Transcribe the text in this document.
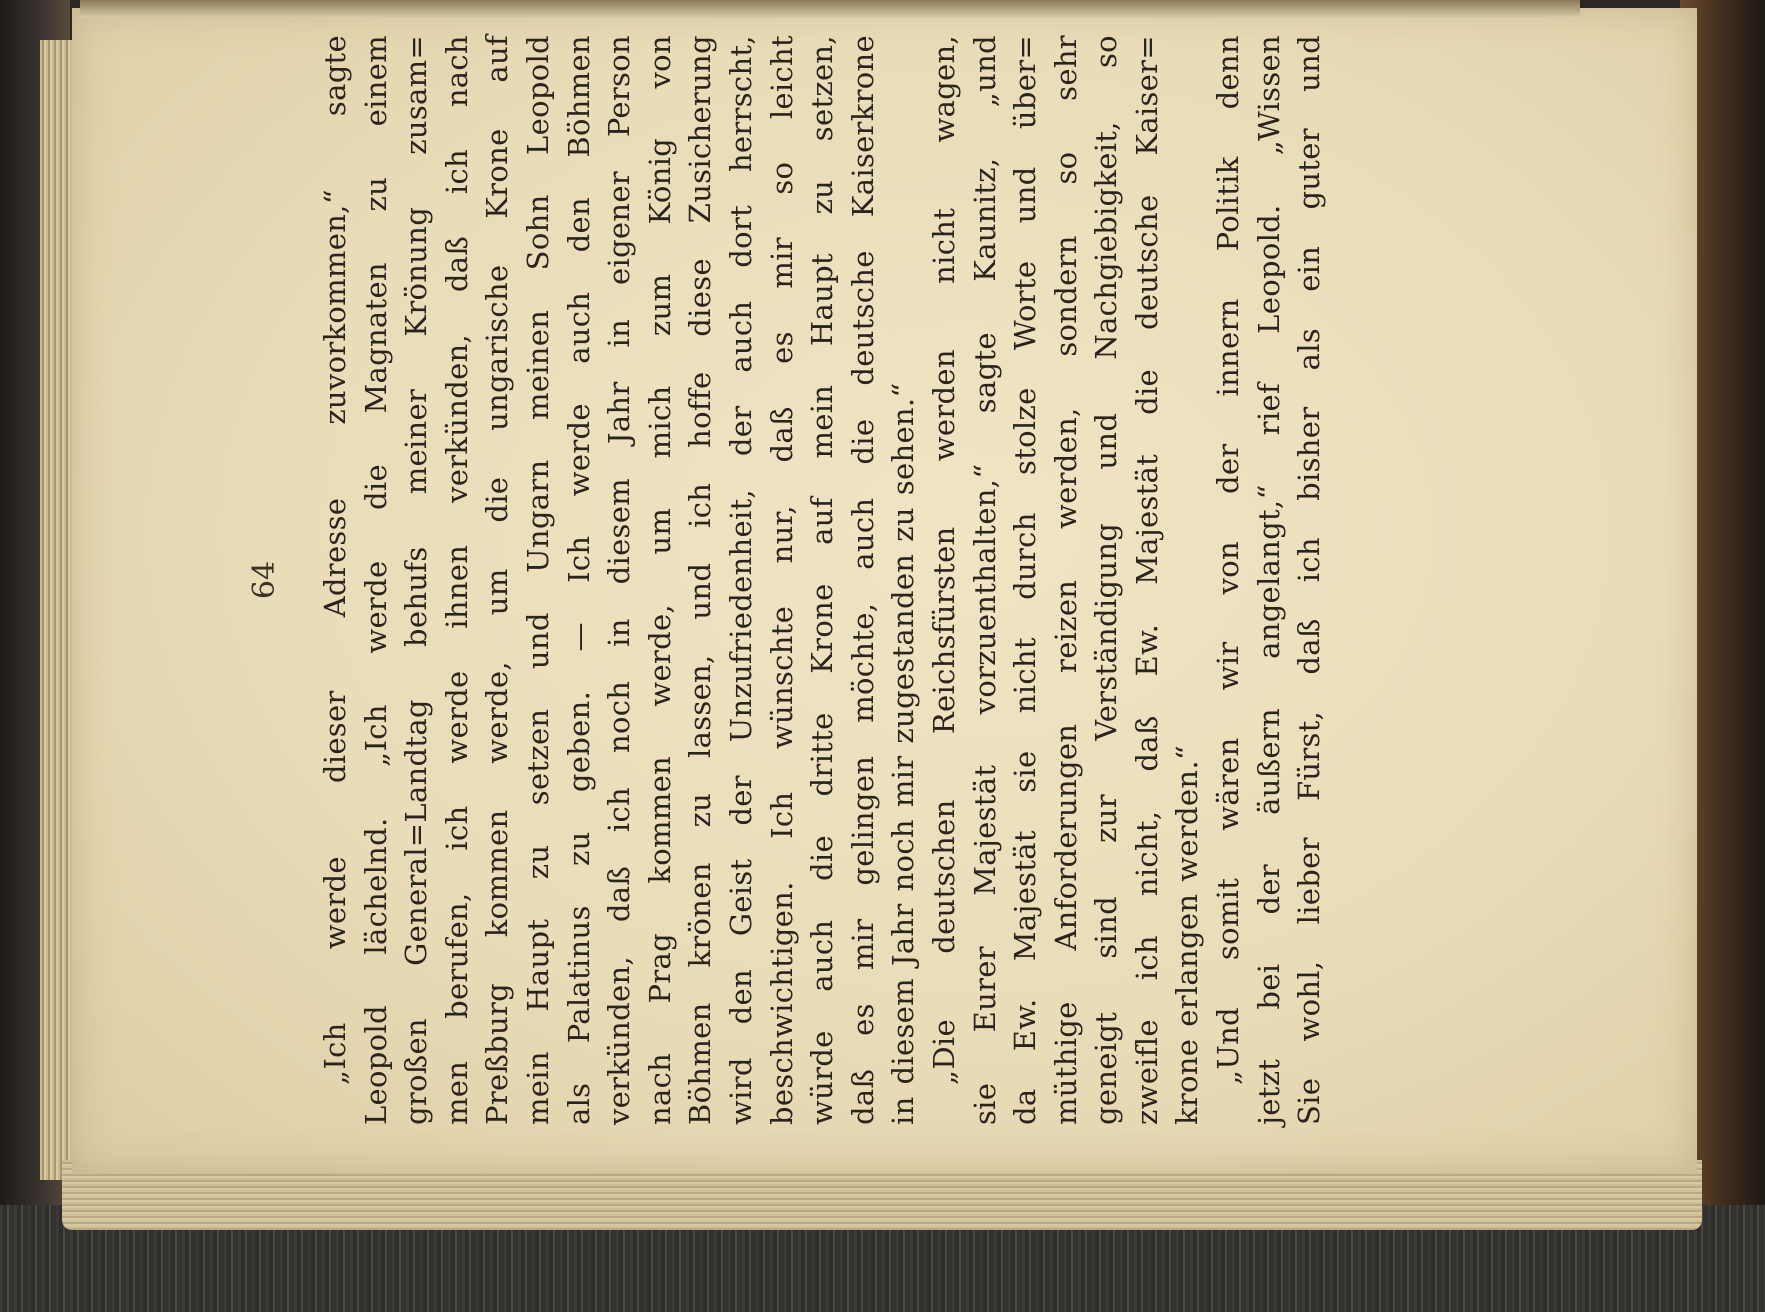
64
„Ich
werde
dieser
Adresse
zuvorkommen,“
sagte
Leopold
lächelnd.
„Ich
werde
die
Magnaten
zu
einem
großen
General=Landtag
behufs
meiner
Krönung
zusam=
men
berufen,
ich
werde
ihnen
verkünden,
daß
ich
nach
Preßburg
kommen
werde,
um
die
ungarische
Krone
auf
mein
Haupt
zu
setzen
und
Ungarn
meinen
Sohn
Leopold
als
Palatinus
zu
geben.
—
Ich
werde
auch
den
Böhmen
verkünden,
daß
ich
noch
in
diesem
Jahr
in
eigener
Person
nach
Prag
kommen
werde,
um
mich
zum
König
von
Böhmen
krönen
zu
lassen,
und
ich
hoffe
diese
Zusicherung
wird
den
Geist
der
Unzufriedenheit,
der
auch
dort
herrscht,
beschwichtigen.
Ich
wünschte
nur,
daß
es
mir
so
leicht
würde
auch
die
dritte
Krone
auf
mein
Haupt
zu
setzen,
daß
es
mir
gelingen
möchte,
auch
die
deutsche
Kaiserkrone
in
diesem
Jahr
noch
mir
zugestanden
zu
sehen.“
„Die
deutschen
Reichsfürsten
werden
nicht
wagen,
sie
Eurer
Majestät
vorzuenthalten,“
sagte
Kaunitz,
„und
da
Ew.
Majestät
sie
nicht
durch
stolze
Worte
und
über=
müthige
Anforderungen
reizen
werden,
sondern
so
sehr
geneigt
sind
zur
Verständigung
und
Nachgiebigkeit,
so
zweifle
ich
nicht,
daß
Ew.
Majestät
die
deutsche
Kaiser=
krone
erlangen
werden.“
„Und
somit
wären
wir
von
der
innern
Politik
denn
jetzt
bei
der
äußern
angelangt,“
rief
Leopold.
„Wissen
Sie
wohl,
lieber
Fürst,
daß
ich
bisher
als
ein
guter
und
